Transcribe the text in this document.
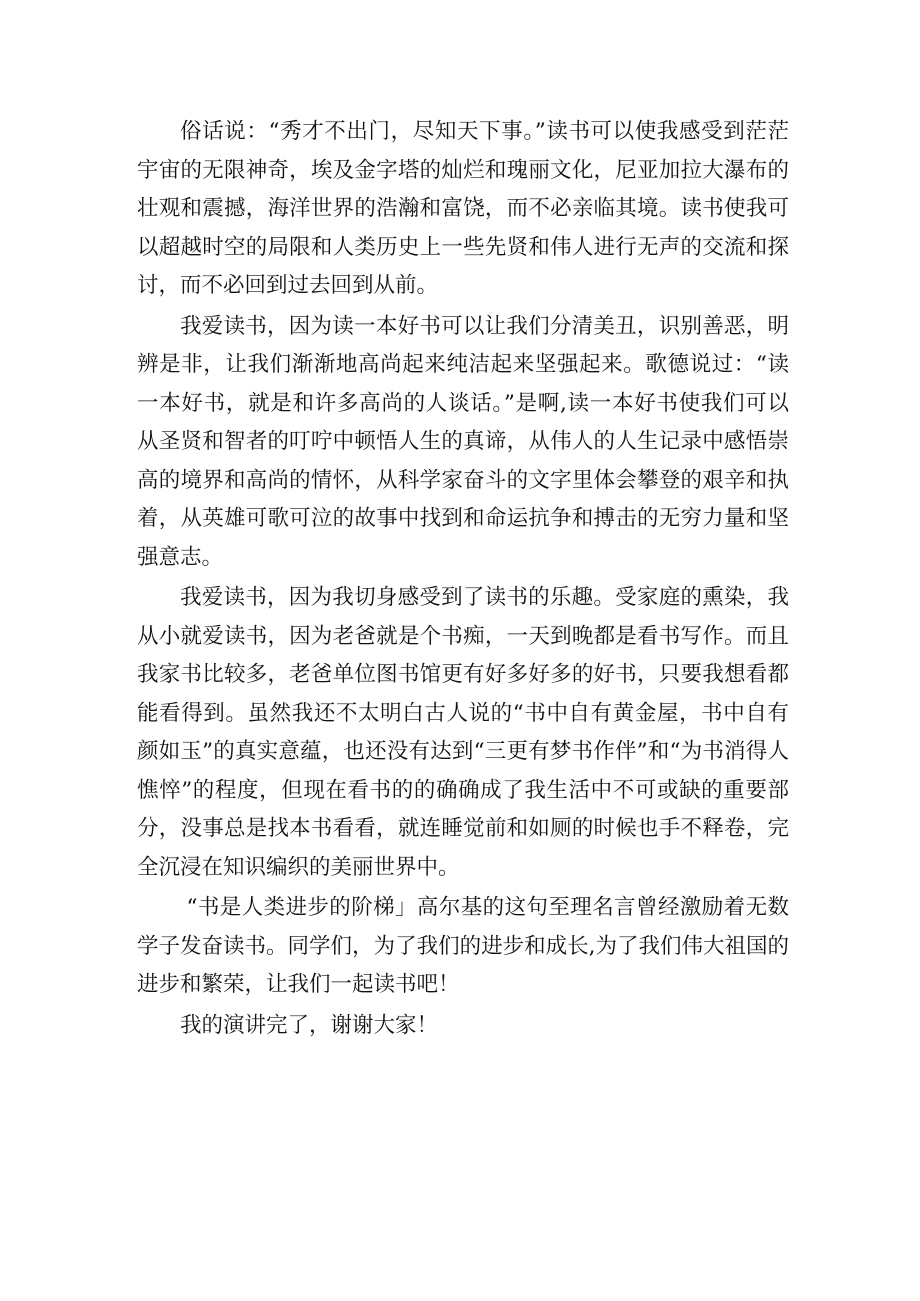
俗话说：“秀才不出门，尽知天下事。”读书可以使我感受到茫茫宇宙的无限神奇，埃及金字塔的灿烂和瑰丽文化，尼亚加拉大瀑布的壮观和震撼，海洋世界的浩瀚和富饶，而不必亲临其境。读书使我可以超越时空的局限和人类历史上一些先贤和伟人进行无声的交流和探讨，而不必回到过去回到从前。

我爱读书，因为读一本好书可以让我们分清美丑，识别善恶，明辨是非，让我们渐渐地高尚起来纯洁起来坚强起来。歌德说过：“读一本好书，就是和许多高尚的人谈话。”是啊,读一本好书使我们可以从圣贤和智者的叮咛中顿悟人生的真谛，从伟人的人生记录中感悟崇高的境界和高尚的情怀，从科学家奋斗的文字里体会攀登的艰辛和执着，从英雄可歌可泣的故事中找到和命运抗争和搏击的无穷力量和坚强意志。

我爱读书，因为我切身感受到了读书的乐趣。受家庭的熏染，我从小就爱读书，因为老爸就是个书痴，一天到晚都是看书写作。而且我家书比较多，老爸单位图书馆更有好多好多的好书，只要我想看都能看得到。虽然我还不太明白古人说的“书中自有黄金屋，书中自有颜如玉”的真实意蕴，也还没有达到“三更有梦书作伴”和“为书消得人憔悴”的程度，但现在看书的的确确成了我生活中不可或缺的重要部分，没事总是找本书看看，就连睡觉前和如厕的时候也手不释卷，完全沉浸在知识编织的美丽世界中。

“书是人类进步的阶梯」高尔基的这句至理名言曾经激励着无数学子发奋读书。同学们，为了我们的进步和成长,为了我们伟大祖国的进步和繁荣，让我们一起读书吧！

我的演讲完了，谢谢大家！
